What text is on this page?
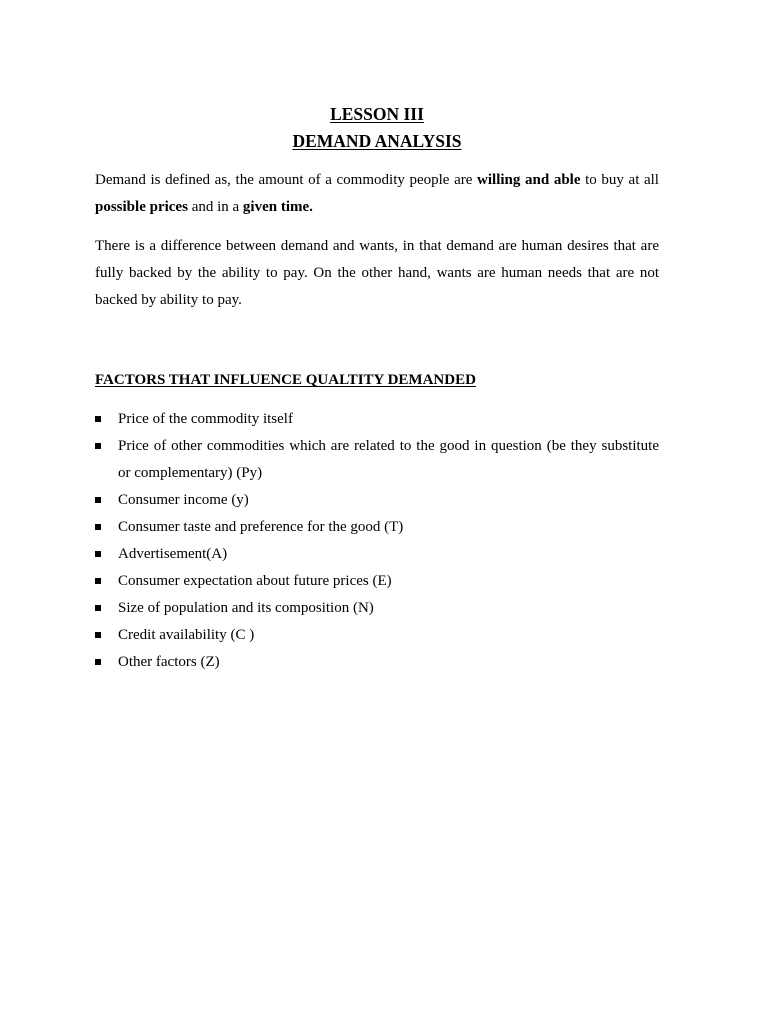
LESSON III
DEMAND ANALYSIS

Demand is defined as, the amount of a commodity people are willing and able to buy at all possible prices and in a given time.

There is a difference between demand and wants, in that demand are human desires that are fully backed by the ability to pay. On the other hand, wants are human needs that are not backed by ability to pay.

FACTORS THAT INFLUENCE QUALTITY DEMANDED
Price of the commodity itself
Price of other commodities which are related to the good in question (be they substitute or complementary) (Py)
Consumer income (y)
Consumer taste and preference for the good (T)
Advertisement(A)
Consumer expectation about future prices (E)
Size of population and its composition (N)
Credit availability (C )
Other factors (Z)
